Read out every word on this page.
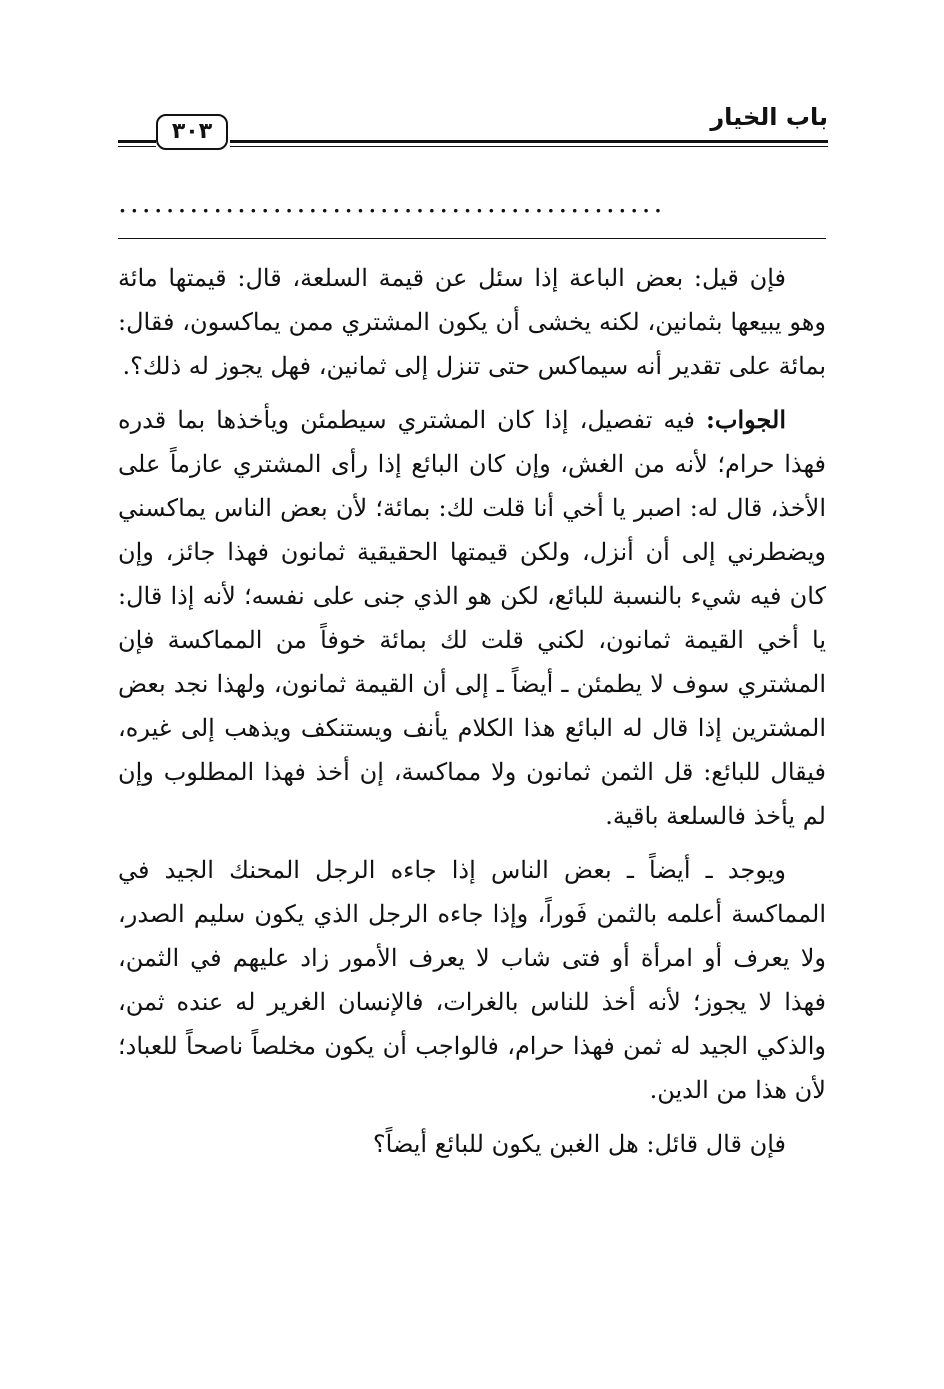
٣٠٣
باب الخيار
..............................................

فإن قيل: بعض الباعة إذا سئل عن قيمة السلعة، قال: قيمتها مائة وهو يبيعها بثمانين، لكنه يخشى أن يكون المشتري ممن يماكسون، فقال: بمائة على تقدير أنه سيماكس حتى تنزل إلى ثمانين، فهل يجوز له ذلك؟.

الجواب: فيه تفصيل، إذا كان المشتري سيطمئن ويأخذها بما قدره فهذا حرام؛ لأنه من الغش، وإن كان البائع إذا رأى المشتري عازماً على الأخذ، قال له: اصبر يا أخي أنا قلت لك: بمائة؛ لأن بعض الناس يماكسني ويضطرني إلى أن أنزل، ولكن قيمتها الحقيقية ثمانون فهذا جائز، وإن كان فيه شيء بالنسبة للبائع، لكن هو الذي جنى على نفسه؛ لأنه إذا قال: يا أخي القيمة ثمانون، لكني قلت لك بمائة خوفاً من المماكسة فإن المشتري سوف لا يطمئن ـ أيضاً ـ إلى أن القيمة ثمانون، ولهذا نجد بعض المشترين إذا قال له البائع هذا الكلام يأنف ويستنكف ويذهب إلى غيره، فيقال للبائع: قل الثمن ثمانون ولا مماكسة، إن أخذ فهذا المطلوب وإن لم يأخذ فالسلعة باقية.

ويوجد ـ أيضاً ـ بعض الناس إذا جاءه الرجل المحنك الجيد في المماكسة أعلمه بالثمن فَوراً، وإذا جاءه الرجل الذي يكون سليم الصدر، ولا يعرف أو امرأة أو فتى شاب لا يعرف الأمور زاد عليهم في الثمن، فهذا لا يجوز؛ لأنه أخذ للناس بالغرات، فالإنسان الغرير له عنده ثمن، والذكي الجيد له ثمن فهذا حرام، فالواجب أن يكون مخلصاً ناصحاً للعباد؛ لأن هذا من الدين.

فإن قال قائل: هل الغبن يكون للبائع أيضاً؟
